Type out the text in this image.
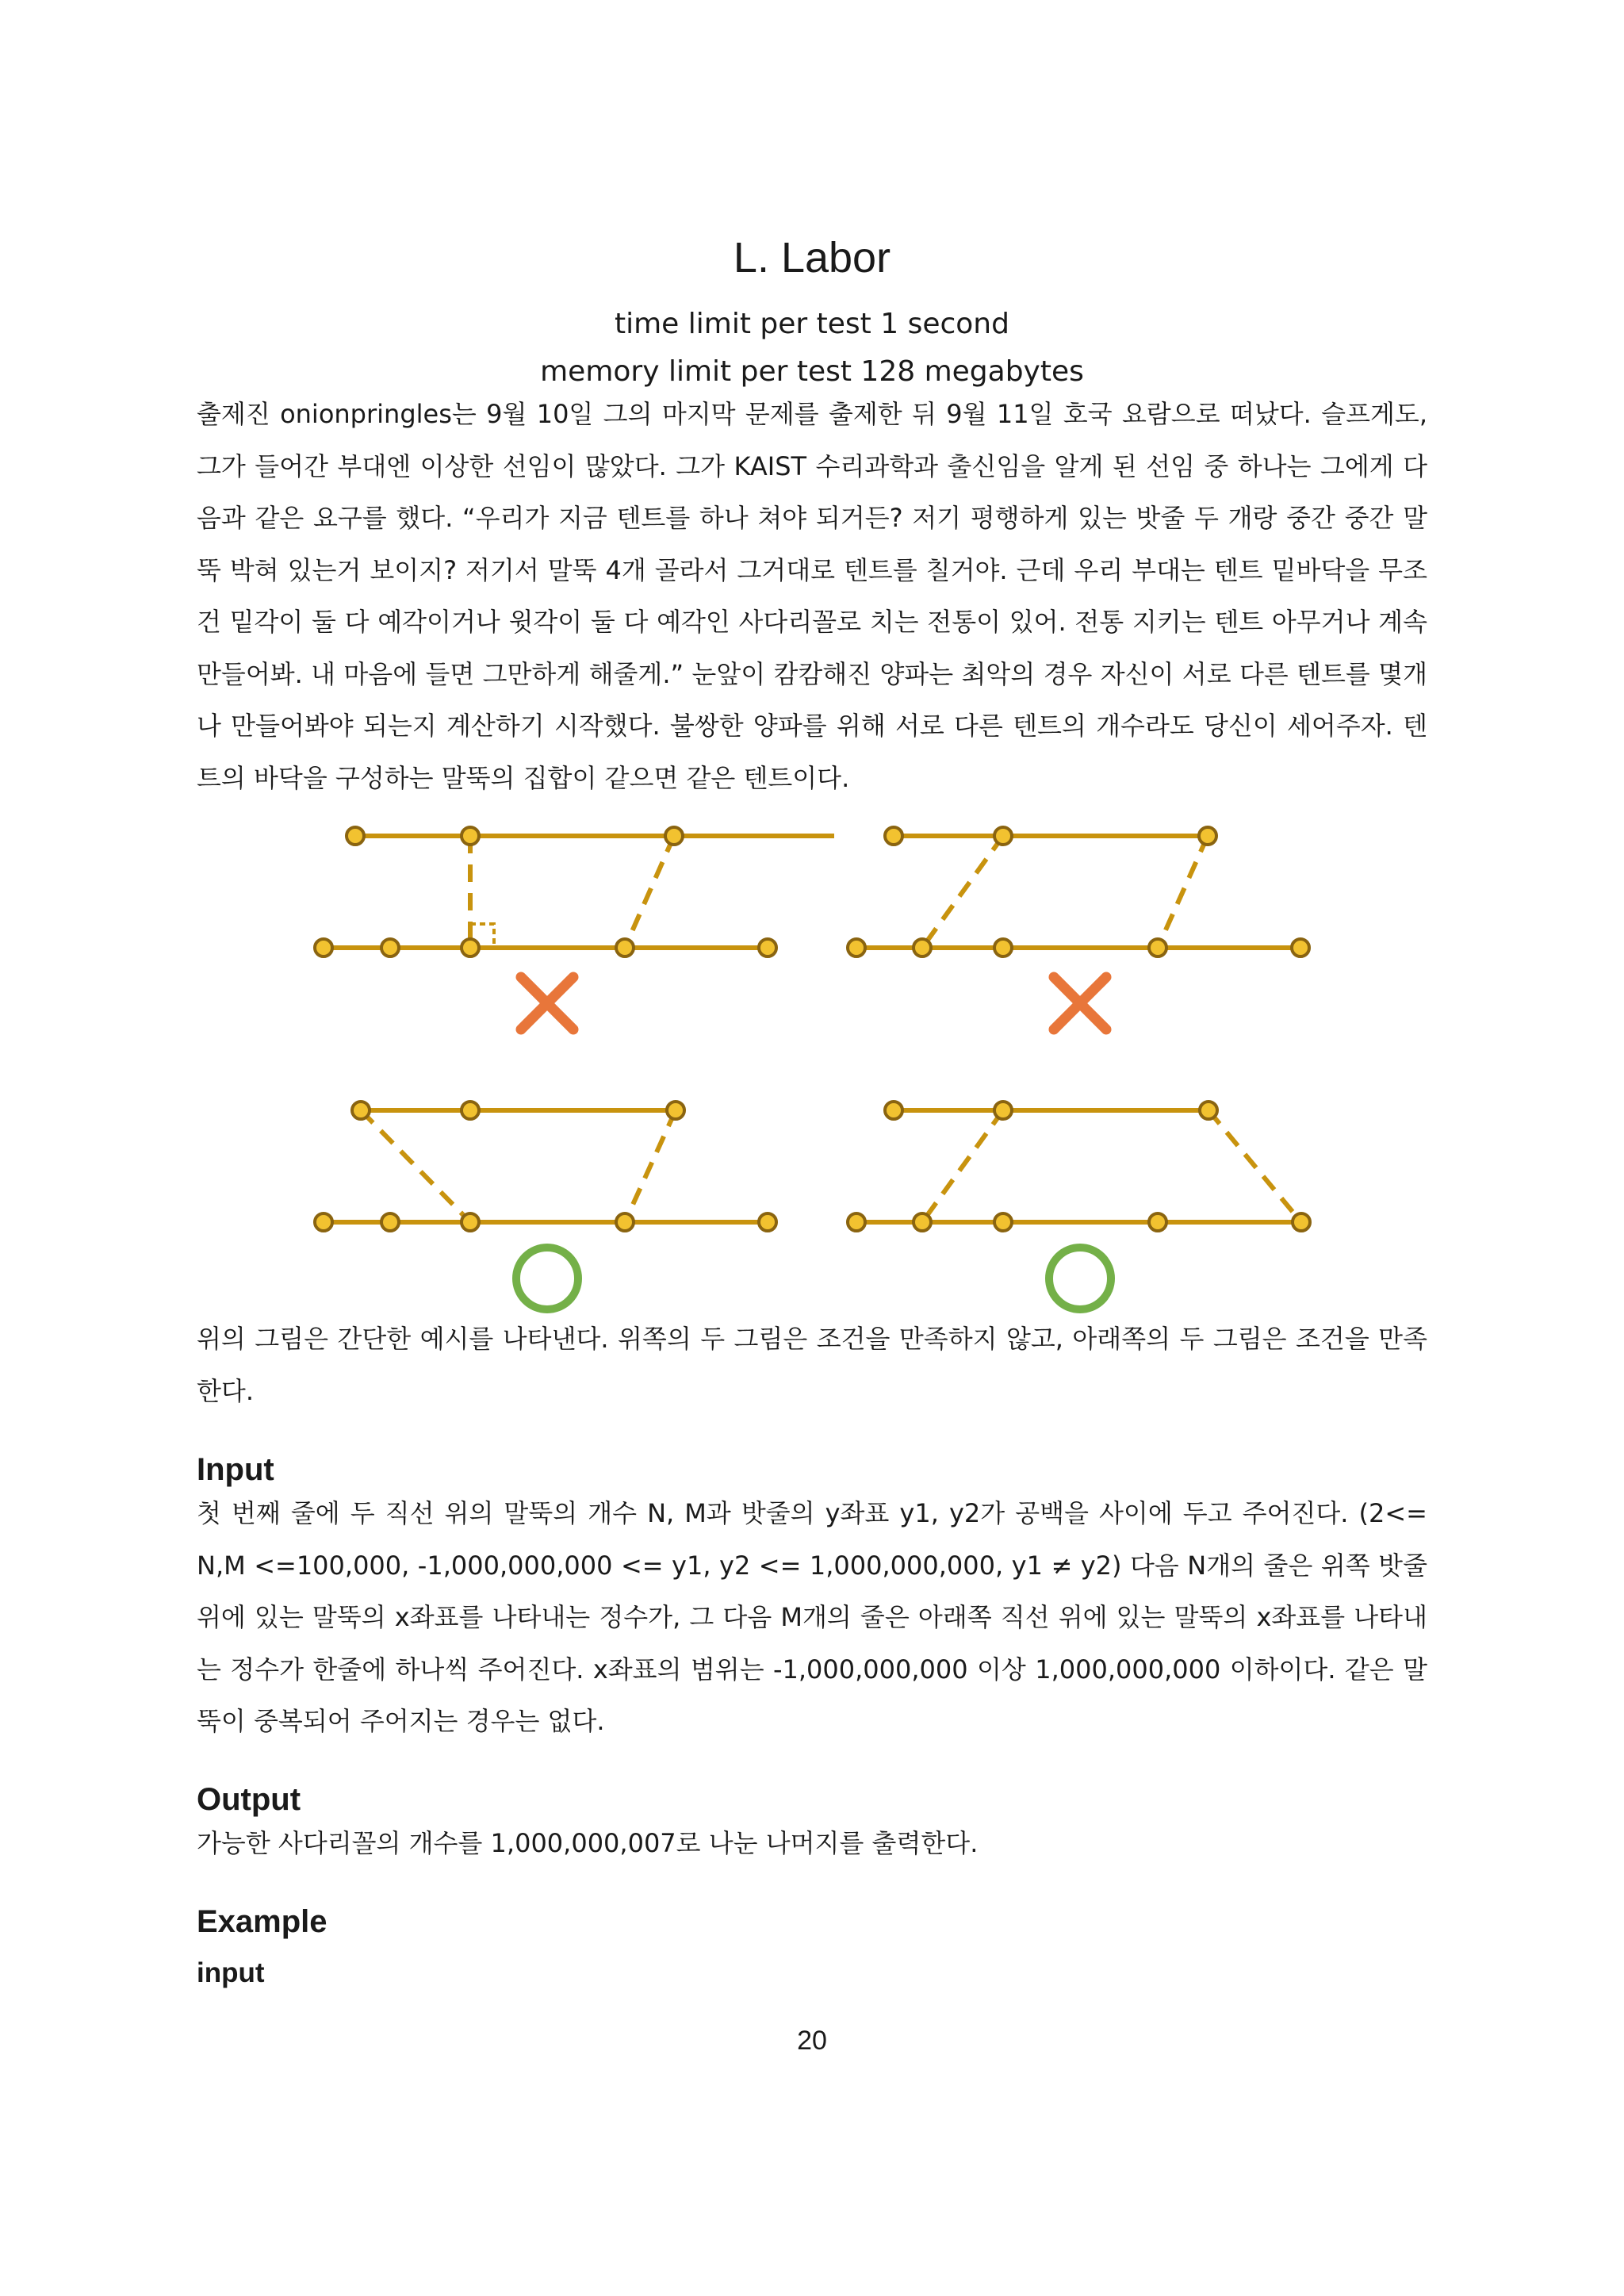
L. Labor
time limit per test 1 second
memory limit per test 128 megabytes

출제진 onionpringles는 9월 10일 그의 마지막 문제를 출제한 뒤 9월 11일 호국 요람으로 떠났다. 슬프게도, 그가 들어간 부대엔 이상한 선임이 많았다. 그가 KAIST 수리과학과 출신임을 알게 된 선임 중 하나는 그에게 다음과 같은 요구를 했다. “우리가 지금 텐트를 하나 쳐야 되거든? 저기 평행하게 있는 밧줄 두 개랑 중간 중간 말뚝 박혀 있는거 보이지? 저기서 말뚝 4개 골라서 그거대로 텐트를 칠거야. 근데 우리 부대는 텐트 밑바닥을 무조건 밑각이 둘 다 예각이거나 윗각이 둘 다 예각인 사다리꼴로 치는 전통이 있어. 전통 지키는 텐트 아무거나 계속 만들어봐. 내 마음에 들면 그만하게 해줄게.” 눈앞이 캄캄해진 양파는 최악의 경우 자신이 서로 다른 텐트를 몇개나 만들어봐야 되는지 계산하기 시작했다. 불쌍한 양파를 위해 서로 다른 텐트의 개수라도 당신이 세어주자. 텐트의 바닥을 구성하는 말뚝의 집합이 같으면 같은 텐트이다.

위의 그림은 간단한 예시를 나타낸다. 위쪽의 두 그림은 조건을 만족하지 않고, 아래쪽의 두 그림은 조건을 만족한다.

Input

첫 번째 줄에 두 직선 위의 말뚝의 개수 N, M과 밧줄의 y좌표 y1, y2가 공백을 사이에 두고 주어진다. (2<= N,M <=100,000, -1,000,000,000 <= y1, y2 <= 1,000,000,000, y1 ≠ y2) 다음 N개의 줄은 위쪽 밧줄 위에 있는 말뚝의 x좌표를 나타내는 정수가, 그 다음 M개의 줄은 아래쪽 직선 위에 있는 말뚝의 x좌표를 나타내는 정수가 한줄에 하나씩 주어진다. x좌표의 범위는 -1,000,000,000 이상 1,000,000,000 이하이다. 같은 말뚝이 중복되어 주어지는 경우는 없다.

Output

가능한 사다리꼴의 개수를 1,000,000,007로 나눈 나머지를 출력한다.

Example
input
20
